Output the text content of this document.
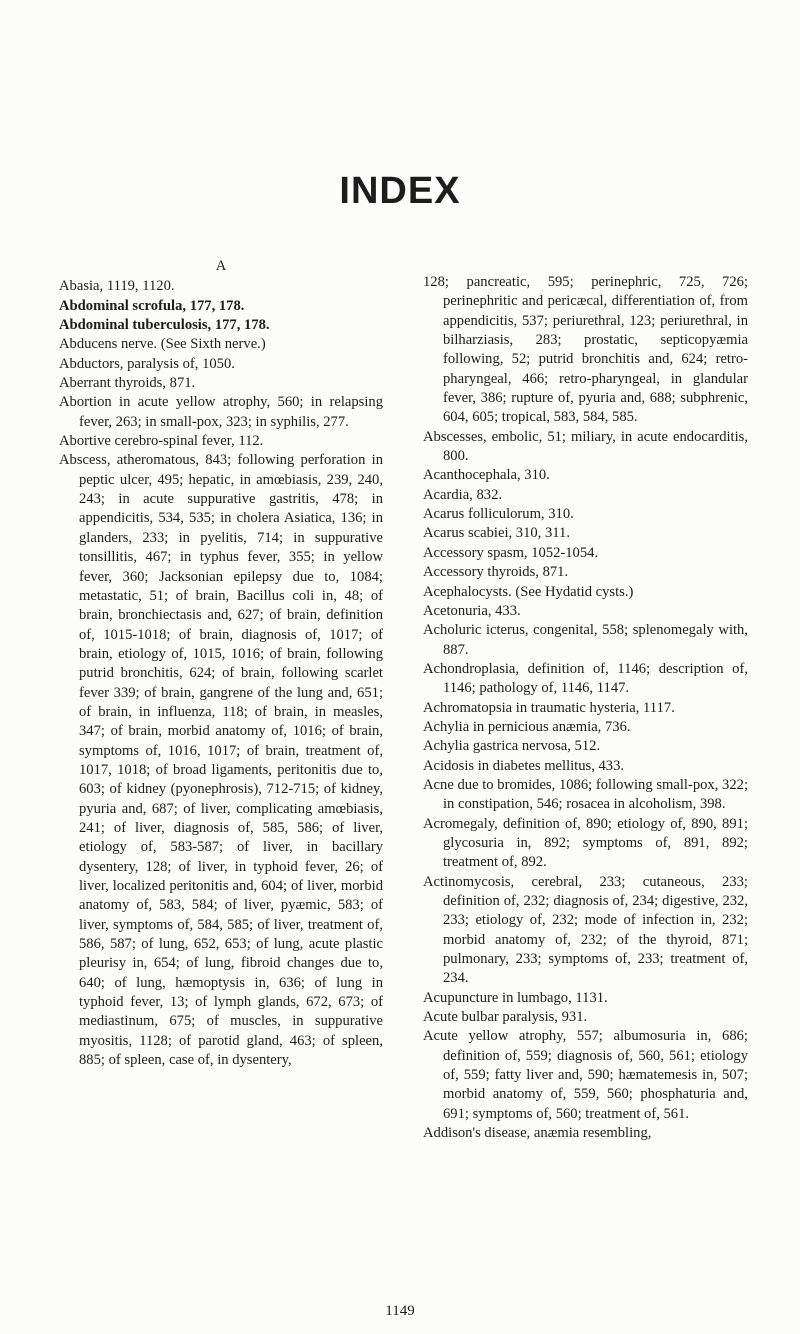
INDEX
A
Abasia, 1119, 1120.
Abdominal scrofula, 177, 178.
Abdominal tuberculosis, 177, 178.
Abducens nerve. (See Sixth nerve.)
Abductors, paralysis of, 1050.
Aberrant thyroids, 871.
Abortion in acute yellow atrophy, 560; in relapsing fever, 263; in small-pox, 323; in syphilis, 277.
Abortive cerebro-spinal fever, 112.
Abscess, atheromatous, 843; following perforation in peptic ulcer, 495; hepatic, in amœbiasis, 239, 240, 243; in acute suppurative gastritis, 478; in appendicitis, 534, 535; in cholera Asiatica, 136; in glanders, 233; in pyelitis, 714; in suppurative tonsillitis, 467; in typhus fever, 355; in yellow fever, 360; Jacksonian epilepsy due to, 1084; metastatic, 51; of brain, Bacillus coli in, 48; of brain, bronchiectasis and, 627; of brain, definition of, 1015-1018; of brain, diagnosis of, 1017; of brain, etiology of, 1015, 1016; of brain, following putrid bronchitis, 624; of brain, following scarlet fever 339; of brain, gangrene of the lung and, 651; of brain, in influenza, 118; of brain, in measles, 347; of brain, morbid anatomy of, 1016; of brain, symptoms of, 1016, 1017; of brain, treatment of, 1017, 1018; of broad ligaments, peritonitis due to, 603; of kidney (pyonephrosis), 712-715; of kidney, pyuria and, 687; of liver, complicating amœbiasis, 241; of liver, diagnosis of, 585, 586; of liver, etiology of, 583-587; of liver, in bacillary dysentery, 128; of liver, in typhoid fever, 26; of liver, localized peritonitis and, 604; of liver, morbid anatomy of, 583, 584; of liver, pyæmic, 583; of liver, symptoms of, 584, 585; of liver, treatment of, 586, 587; of lung, 652, 653; of lung, acute plastic pleurisy in, 654; of lung, fibroid changes due to, 640; of lung, hæmoptysis in, 636; of lung in typhoid fever, 13; of lymph glands, 672, 673; of mediastinum, 675; of muscles, in suppurative myositis, 1128; of parotid gland, 463; of spleen, 885; of spleen, case of, in dysentery,
128; pancreatic, 595; perinephric, 725, 726; perinephritic and pericæcal, differentiation of, from appendicitis, 537; periurethral, 123; periurethral, in bilharziasis, 283; prostatic, septicopyæmia following, 52; putrid bronchitis and, 624; retro-pharyngeal, 466; retro-pharyngeal, in glandular fever, 386; rupture of, pyuria and, 688; subphrenic, 604, 605; tropical, 583, 584, 585.
Abscesses, embolic, 51; miliary, in acute endocarditis, 800.
Acanthocephala, 310.
Acardia, 832.
Acarus folliculorum, 310.
Acarus scabiei, 310, 311.
Accessory spasm, 1052-1054.
Accessory thyroids, 871.
Acephalocysts. (See Hydatid cysts.)
Acetonuria, 433.
Acholuric icterus, congenital, 558; splenomegaly with, 887.
Achondroplasia, definition of, 1146; description of, 1146; pathology of, 1146, 1147.
Achromatopsia in traumatic hysteria, 1117.
Achylia in pernicious anæmia, 736.
Achylia gastrica nervosa, 512.
Acidosis in diabetes mellitus, 433.
Acne due to bromides, 1086; following small-pox, 322; in constipation, 546; rosacea in alcoholism, 398.
Acromegaly, definition of, 890; etiology of, 890, 891; glycosuria in, 892; symptoms of, 891, 892; treatment of, 892.
Actinomycosis, cerebral, 233; cutaneous, 233; definition of, 232; diagnosis of, 234; digestive, 232, 233; etiology of, 232; mode of infection in, 232; morbid anatomy of, 232; of the thyroid, 871; pulmonary, 233; symptoms of, 233; treatment of, 234.
Acupuncture in lumbago, 1131.
Acute bulbar paralysis, 931.
Acute yellow atrophy, 557; albumosuria in, 686; definition of, 559; diagnosis of, 560, 561; etiology of, 559; fatty liver and, 590; hæmatemesis in, 507; morbid anatomy of, 559, 560; phosphaturia and, 691; symptoms of, 560; treatment of, 561.
Addison's disease, anæmia resembling,
1149
